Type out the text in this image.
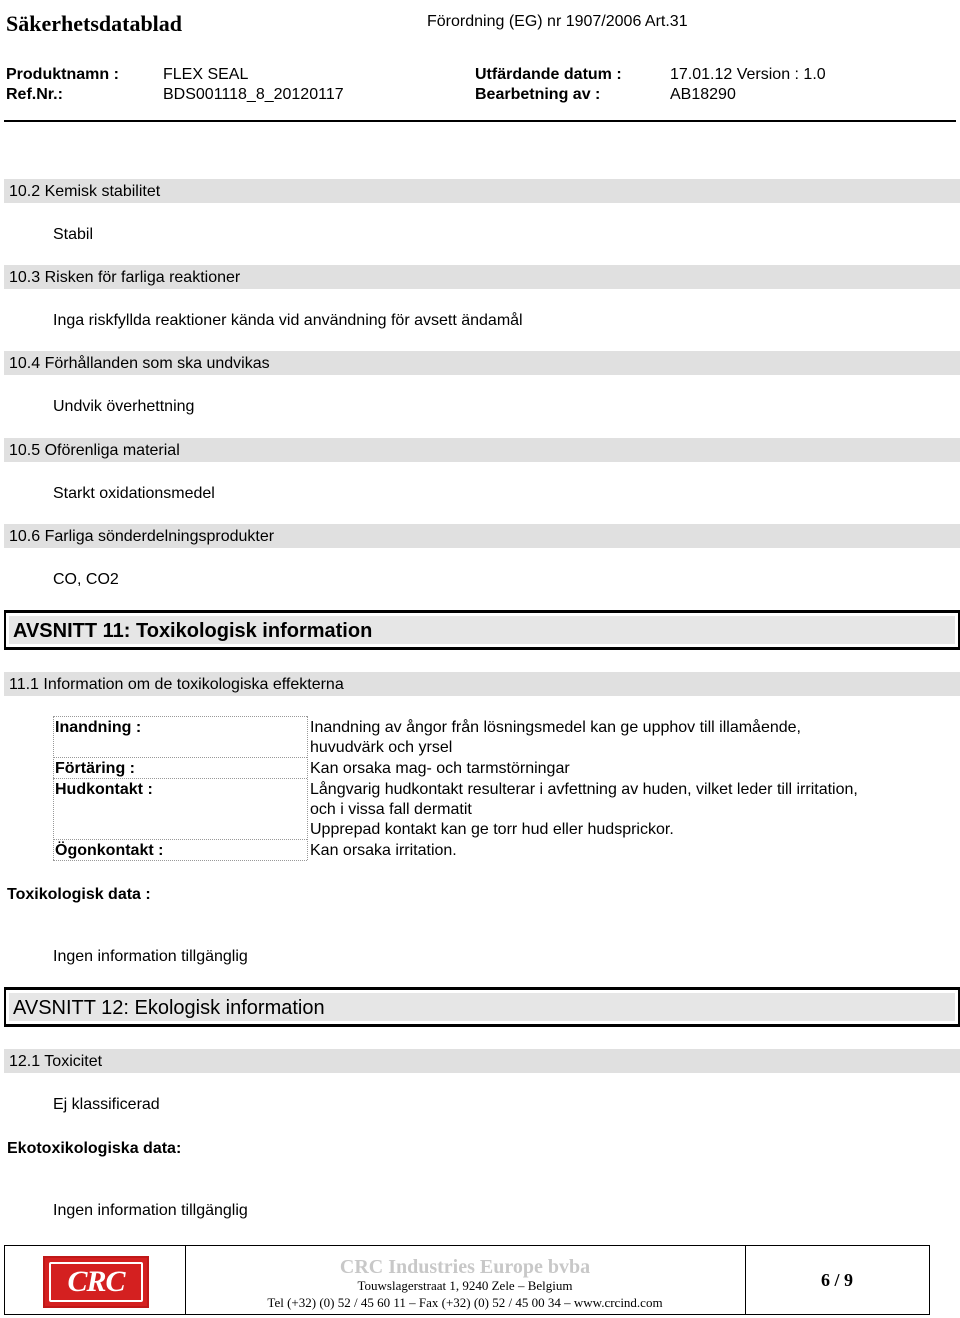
Säkerhetsdatablad	Förordning (EG) nr 1907/2006 Art.31
Produktnamn :	FLEX SEAL	Utfärdande datum :	17.01.12 Version : 1.0
Ref.Nr.:	BDS001118_8_20120117	Bearbetning av :	AB18290
10.2 Kemisk stabilitet
Stabil
10.3 Risken för farliga reaktioner
Inga riskfyllda reaktioner kända vid användning för avsett ändamål
10.4 Förhållanden som ska undvikas
Undvik överhettning
10.5 Oförenliga material
Starkt oxidationsmedel
10.6 Farliga sönderdelningsprodukter
CO, CO2
AVSNITT 11: Toxikologisk information
11.1 Information om de toxikologiska effekterna
Inandning :	Inandning av ångor från lösningsmedel kan ge upphov till illamående,
huvudvärk och yrsel
Förtäring :	Kan orsaka mag- och tarmstörningar
Hudkontakt :	Långvarig hudkontakt resulterar i avfettning av huden, vilket leder till irritation,
och i vissa fall dermatit
Upprepad kontakt kan ge torr hud eller hudsprickor.
Ögonkontakt :	Kan orsaka irritation.
Toxikologisk data :
Ingen information tillgänglig
AVSNITT 12: Ekologisk information
12.1 Toxicitet
Ej klassificerad
Ekotoxikologiska data:
Ingen information tillgänglig
CRC	CRC Industries Europe bvba
Touwslagerstraat 1, 9240 Zele – Belgium
Tel (+32) (0) 52 / 45 60 11 – Fax (+32) (0) 52 / 45 00 34 – www.crcind.com
6 / 9
